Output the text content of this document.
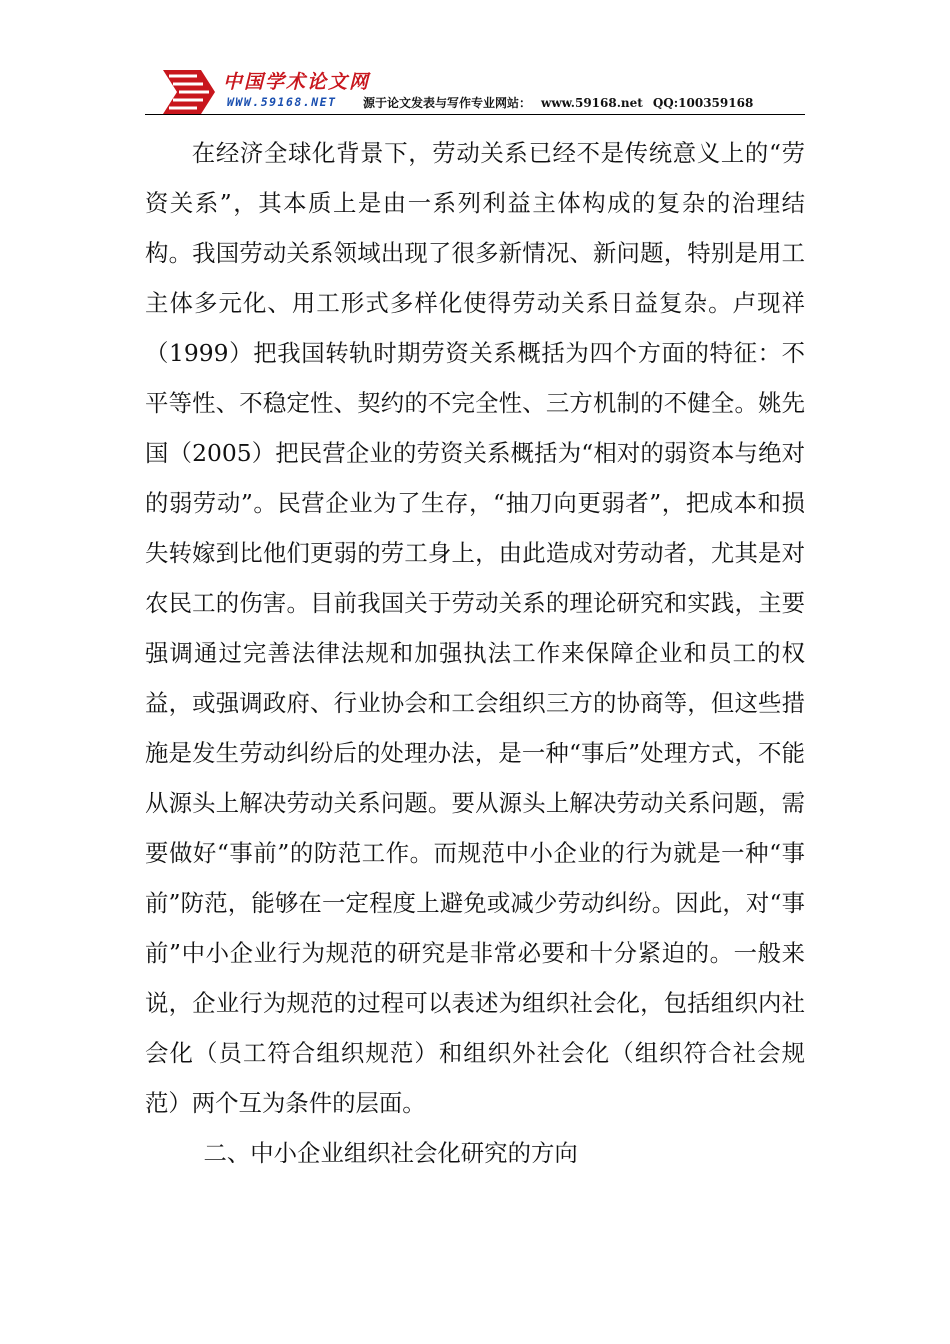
中国学术论文网
WWW.59168.NET 源于论文发表与写作专业网站： www.59168.net QQ:100359168

在经济全球化背景下，劳动关系已经不是传统意义上的“劳资关系”，其本质上是由一系列利益主体构成的复杂的治理结构。我国劳动关系领域出现了很多新情况、新问题，特别是用工主体多元化、用工形式多样化使得劳动关系日益复杂。卢现祥（1999）把我国转轨时期劳资关系概括为四个方面的特征：不平等性、不稳定性、契约的不完全性、三方机制的不健全。姚先国（2005）把民营企业的劳资关系概括为“相对的弱资本与绝对的弱劳动”。民营企业为了生存，“抽刀向更弱者”，把成本和损失转嫁到比他们更弱的劳工身上，由此造成对劳动者，尤其是对农民工的伤害。目前我国关于劳动关系的理论研究和实践，主要强调通过完善法律法规和加强执法工作来保障企业和员工的权益，或强调政府、行业协会和工会组织三方的协商等，但这些措施是发生劳动纠纷后的处理办法，是一种“事后”处理方式，不能从源头上解决劳动关系问题。要从源头上解决劳动关系问题，需要做好“事前”的防范工作。而规范中小企业的行为就是一种“事前”防范，能够在一定程度上避免或减少劳动纠纷。因此，对“事前”中小企业行为规范的研究是非常必要和十分紧迫的。一般来说，企业行为规范的过程可以表述为组织社会化，包括组织内社会化（员工符合组织规范）和组织外社会化（组织符合社会规范）两个互为条件的层面。

二、中小企业组织社会化研究的方向
